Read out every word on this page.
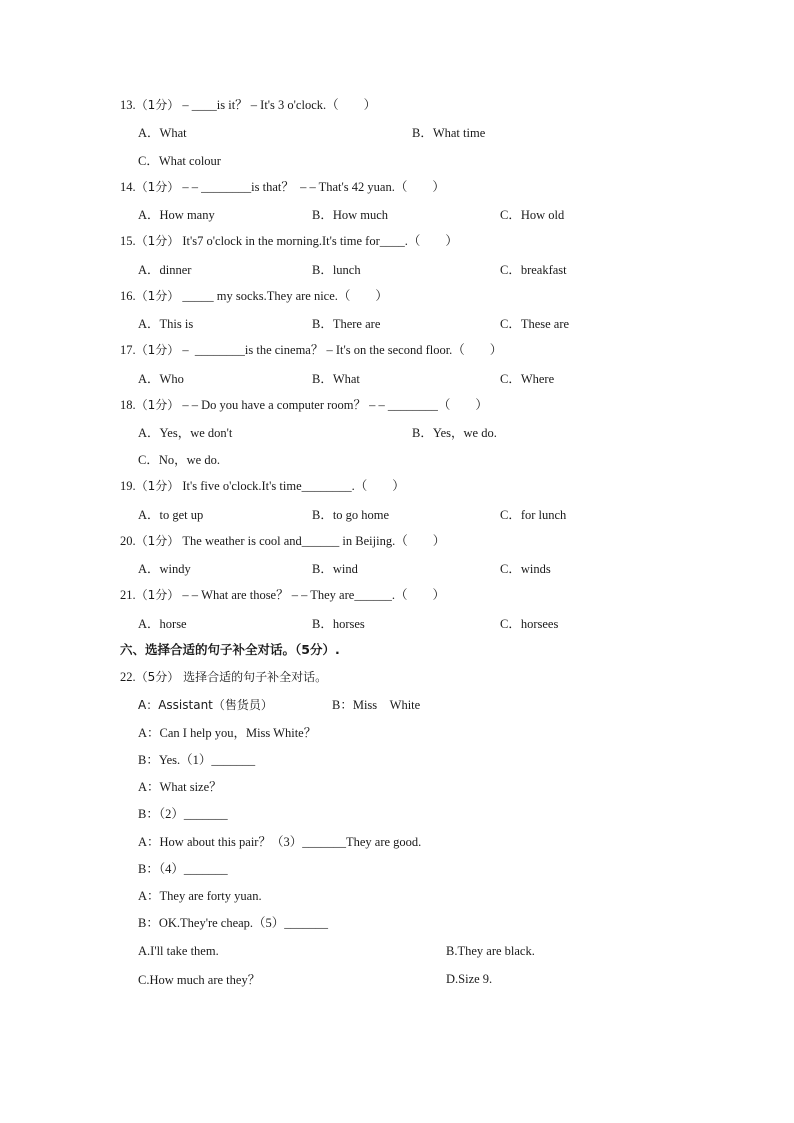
13.（1分） – ____is it？ – It's 3 o'clock.（　　）
A．What	B．What time
C．What colour
14.（1分） – – ________is that？  – – That's 42 yuan.（　　）
A．How many	B．How much	C．How old
15.（1分） It's7 o'clock in the morning.It's time for____.（　　）
A．dinner	B．lunch	C．breakfast
16.（1分） _____ my socks.They are nice.（　　）
A．This is	B．There are	C．These are
17.（1分） –  ________is the cinema？ – It's on the second floor.（　　）
A．Who	B．What	C．Where
18.（1分） – – Do you have a computer room？ – – ________（　　）
A．Yes，we don't	B．Yes，we do.
C．No，we do.
19.（1分） It's five o'clock.It's time________.（　　）
A．to get up	B．to go home	C．for lunch
20.（1分） The weather is cool and______ in Beijing.（　　）
A．windy	B．wind	C．winds
21.（1分） – – What are those？ – – They are______.（　　）
A．horse	B．horses	C．horsees
六、选择合适的句子补全对话。（5分）.
22.（5分） 选择合适的句子补全对话。
A：Assistant（售货员）	B：Miss　White
A：Can I help you，Miss White？
B：Yes.（1）_______
A：What size？
B：（2）_______
A：How about this pair？（3）_______They are good.
B：（4）_______
A：They are forty yuan.
B：OK.They're cheap.（5）_______
A.I'll take them.	B.They are black.
C.How much are they？	D.Size 9.
